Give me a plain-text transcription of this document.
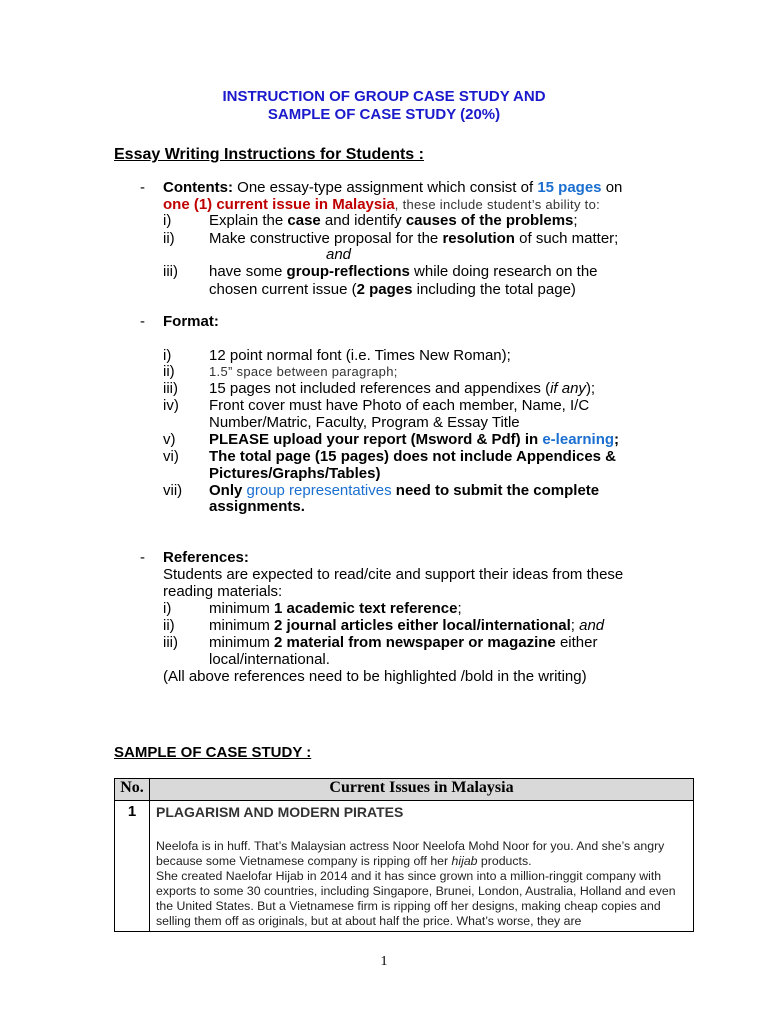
INSTRUCTION OF GROUP CASE STUDY AND
SAMPLE OF CASE STUDY (20%)
Essay Writing Instructions for Students :
- Contents: One essay-type assignment which consist of 15 pages on
one (1) current issue in Malaysia, these include student’s ability to:
i)	Explain the case and identify causes of the problems;
ii) Make constructive proposal for the resolution of such matter;
and
iii) have some group-reflections while doing research on the
chosen current issue (2 pages including the total page)
- Format:
i)	12 point normal font (i.e. Times New Roman);
ii)	1.5” space between paragraph;
iii) 15 pages not included references and appendixes (if any);
iv) Front cover must have Photo of each member, Name, I/C
Number/Matric, Faculty, Program & Essay Title
v) PLEASE upload your report (Msword & Pdf) in e-learning;
vi) The total page (15 pages) does not include Appendices &
Pictures/Graphs/Tables)
vii) Only group representatives need to submit the complete
assignments.
- References:
Students are expected to read/cite and support their ideas from these
reading materials:
i)	minimum 1 academic text reference;
ii) minimum 2 journal articles either local/international; and
iii) minimum 2 material from newspaper or magazine either
local/international.
(All above references need to be highlighted /bold in the writing)
SAMPLE OF CASE STUDY :
No.	Current Issues in Malaysia
1	PLAGARISM AND MODERN PIRATES
Neelofa is in huff. That’s Malaysian actress Noor Neelofa Mohd Noor for you. And she’s angry because some Vietnamese company is ripping off her hijab products.
She created Naelofar Hijab in 2014 and it has since grown into a million-ringgit company with exports to some 30 countries, including Singapore, Brunei, London, Australia, Holland and even the United States. But a Vietnamese firm is ripping off her designs, making cheap copies and selling them off as originals, but at about half the price. What’s worse, they are
1
